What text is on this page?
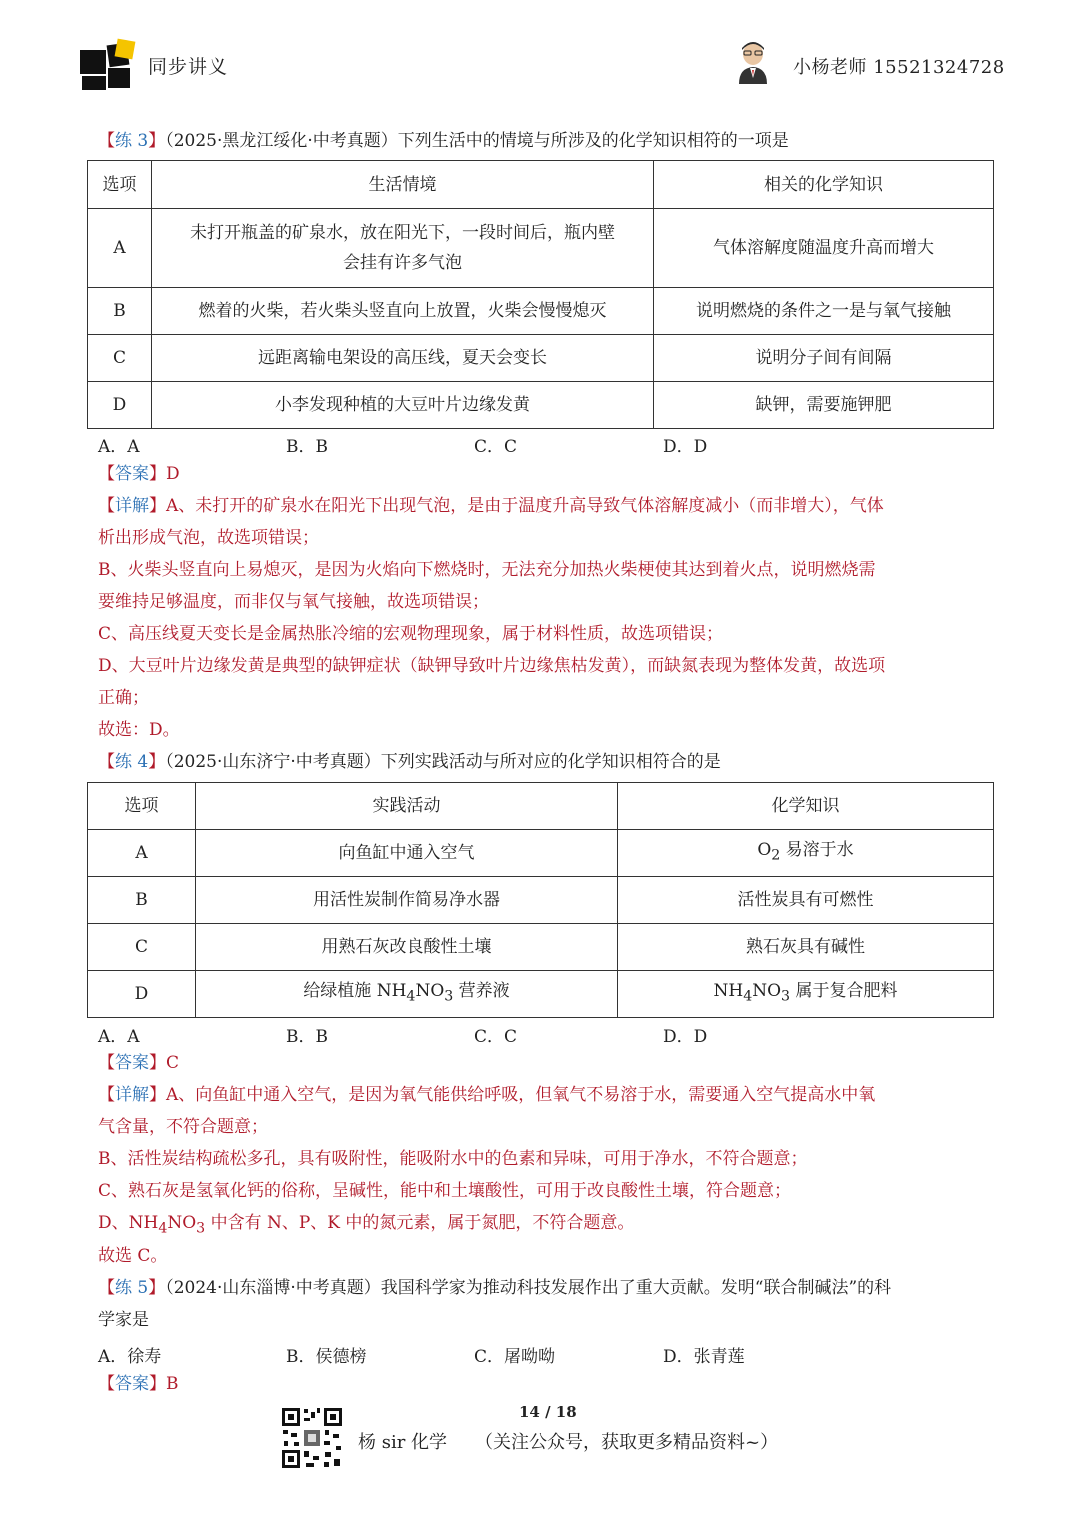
同步讲义	小杨老师 15521324728
【练 3】（2025·黑龙江绥化·中考真题）下列生活中的情境与所涉及的化学知识相符的一项是
选项	生活情境	相关的化学知识
A	未打开瓶盖的矿泉水，放在阳光下，一段时间后，瓶内壁
会挂有许多气泡	气体溶解度随温度升高而增大
B	燃着的火柴，若火柴头竖直向上放置，火柴会慢慢熄灭	说明燃烧的条件之一是与氧气接触
C	远距离输电架设的高压线，夏天会变长	说明分子间有间隔
D	小李发现种植的大豆叶片边缘发黄	缺钾，需要施钾肥
A．A	B．B	C．C	D．D
【答案】D
【详解】A、未打开的矿泉水在阳光下出现气泡，是由于温度升高导致气体溶解度减小（而非增大），气体
析出形成气泡，故选项错误；
B、火柴头竖直向上易熄灭，是因为火焰向下燃烧时，无法充分加热火柴梗使其达到着火点，说明燃烧需
要维持足够温度，而非仅与氧气接触，故选项错误；
C、高压线夏天变长是金属热胀冷缩的宏观物理现象，属于材料性质，故选项错误；
D、大豆叶片边缘发黄是典型的缺钾症状（缺钾导致叶片边缘焦枯发黄），而缺氮表现为整体发黄，故选项
正确；
故选：D。
【练 4】（2025·山东济宁·中考真题）下列实践活动与所对应的化学知识相符合的是
选项	实践活动	化学知识
A	向鱼缸中通入空气	$O_2$ 易溶于水
B	用活性炭制作简易净水器	活性炭具有可燃性
C	用熟石灰改良酸性土壤	熟石灰具有碱性
D	给绿植施 $NH_4NO_3$ 营养液	$NH_4NO_3$ 属于复合肥料
A．A	B．B	C．C	D．D
【答案】C
【详解】A、向鱼缸中通入空气，是因为氧气能供给呼吸，但氧气不易溶于水，需要通入空气提高水中氧
气含量，不符合题意；
B、活性炭结构疏松多孔，具有吸附性，能吸附水中的色素和异味，可用于净水，不符合题意；
C、熟石灰是氢氧化钙的俗称，呈碱性，能中和土壤酸性，可用于改良酸性土壤，符合题意；
D、$NH_4NO_3$ 中含有 N、P、K 中的氮元素，属于氮肥，不符合题意。
故选 C。
【练 5】（2024·山东淄博·中考真题）我国科学家为推动科技发展作出了重大贡献。发明“联合制碱法”的科
学家是
A．徐寿	B．侯德榜	C．屠呦呦	D．张青莲
【答案】B
14 / 18
杨 sir 化学 （关注公众号，获取更多精品资料~）
